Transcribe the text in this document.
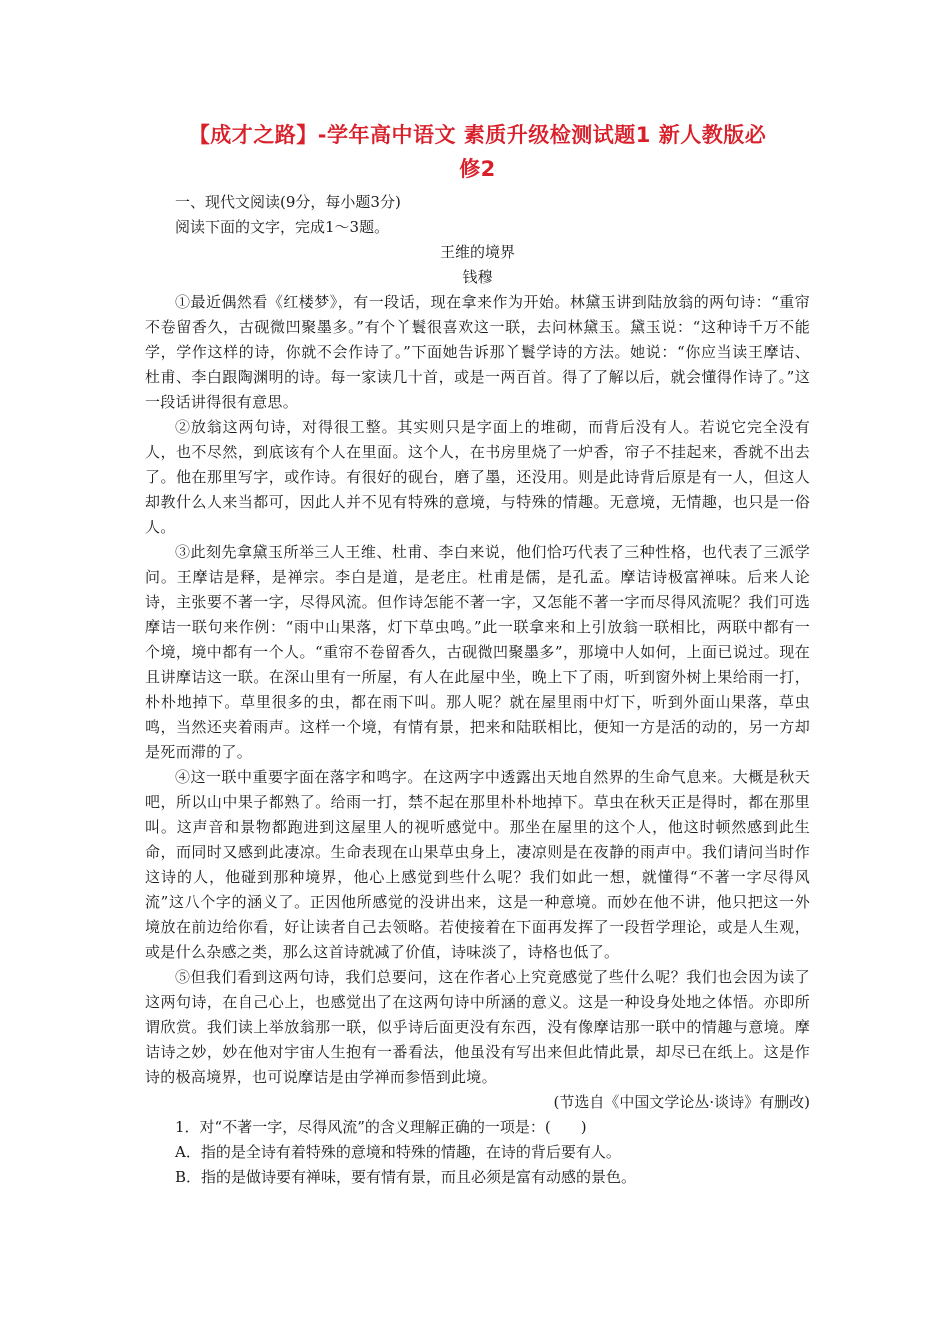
【成才之路】-学年高中语文 素质升级检测试题1 新人教版必
修2
一、现代文阅读(9分，每小题3分)
阅读下面的文字，完成1～3题。
王维的境界
钱穆

①最近偶然看《红楼梦》，有一段话，现在拿来作为开始。林黛玉讲到陆放翁的两句诗：“重帘不卷留香久，古砚微凹聚墨多。”有个丫鬟很喜欢这一联，去问林黛玉。黛玉说：“这种诗千万不能学，学作这样的诗，你就不会作诗了。”下面她告诉那丫鬟学诗的方法。她说：“你应当读王摩诘、杜甫、李白跟陶渊明的诗。每一家读几十首，或是一两百首。得了了解以后，就会懂得作诗了。”这一段话讲得很有意思。

②放翁这两句诗，对得很工整。其实则只是字面上的堆砌，而背后没有人。若说它完全没有人，也不尽然，到底该有个人在里面。这个人，在书房里烧了一炉香，帘子不挂起来，香就不出去了。他在那里写字，或作诗。有很好的砚台，磨了墨，还没用。则是此诗背后原是有一人，但这人却教什么人来当都可，因此人并不见有特殊的意境，与特殊的情趣。无意境，无情趣，也只是一俗人。

③此刻先拿黛玉所举三人王维、杜甫、李白来说，他们恰巧代表了三种性格，也代表了三派学问。王摩诘是释，是禅宗。李白是道，是老庄。杜甫是儒，是孔孟。摩诘诗极富禅味。后来人论诗，主张要不著一字，尽得风流。但作诗怎能不著一字，又怎能不著一字而尽得风流呢？我们可选摩诘一联句来作例：“雨中山果落，灯下草虫鸣。”此一联拿来和上引放翁一联相比，两联中都有一个境，境中都有一个人。“重帘不卷留香久，古砚微凹聚墨多”，那境中人如何，上面已说过。现在且讲摩诘这一联。在深山里有一所屋，有人在此屋中坐，晚上下了雨，听到窗外树上果给雨一打，朴朴地掉下。草里很多的虫，都在雨下叫。那人呢？就在屋里雨中灯下，听到外面山果落，草虫鸣，当然还夹着雨声。这样一个境，有情有景，把来和陆联相比，便知一方是活的动的，另一方却是死而滞的了。

④这一联中重要字面在落字和鸣字。在这两字中透露出天地自然界的生命气息来。大概是秋天吧，所以山中果子都熟了。给雨一打，禁不起在那里朴朴地掉下。草虫在秋天正是得时，都在那里叫。这声音和景物都跑进到这屋里人的视听感觉中。那坐在屋里的这个人，他这时顿然感到此生命，而同时又感到此凄凉。生命表现在山果草虫身上，凄凉则是在夜静的雨声中。我们请问当时作这诗的人，他碰到那种境界，他心上感觉到些什么呢？我们如此一想，就懂得“不著一字尽得风流”这八个字的涵义了。正因他所感觉的没讲出来，这是一种意境。而妙在他不讲，他只把这一外境放在前边给你看，好让读者自己去领略。若使接着在下面再发挥了一段哲学理论，或是人生观，或是什么杂感之类，那么这首诗就减了价值，诗味淡了，诗格也低了。

⑤但我们看到这两句诗，我们总要问，这在作者心上究竟感觉了些什么呢？我们也会因为读了这两句诗，在自己心上，也感觉出了在这两句诗中所涵的意义。这是一种设身处地之体悟。亦即所谓欣赏。我们读上举放翁那一联，似乎诗后面更没有东西，没有像摩诘那一联中的情趣与意境。摩诘诗之妙，妙在他对宇宙人生抱有一番看法，他虽没有写出来但此情此景，却尽已在纸上。这是作诗的极高境界，也可说摩诘是由学禅而参悟到此境。

(节选自《中国文学论丛·谈诗》有删改)
1．对“不著一字，尽得风流”的含义理解正确的一项是：(　　)
A．指的是全诗有着特殊的意境和特殊的情趣，在诗的背后要有人。
B．指的是做诗要有禅味，要有情有景，而且必须是富有动感的景色。
